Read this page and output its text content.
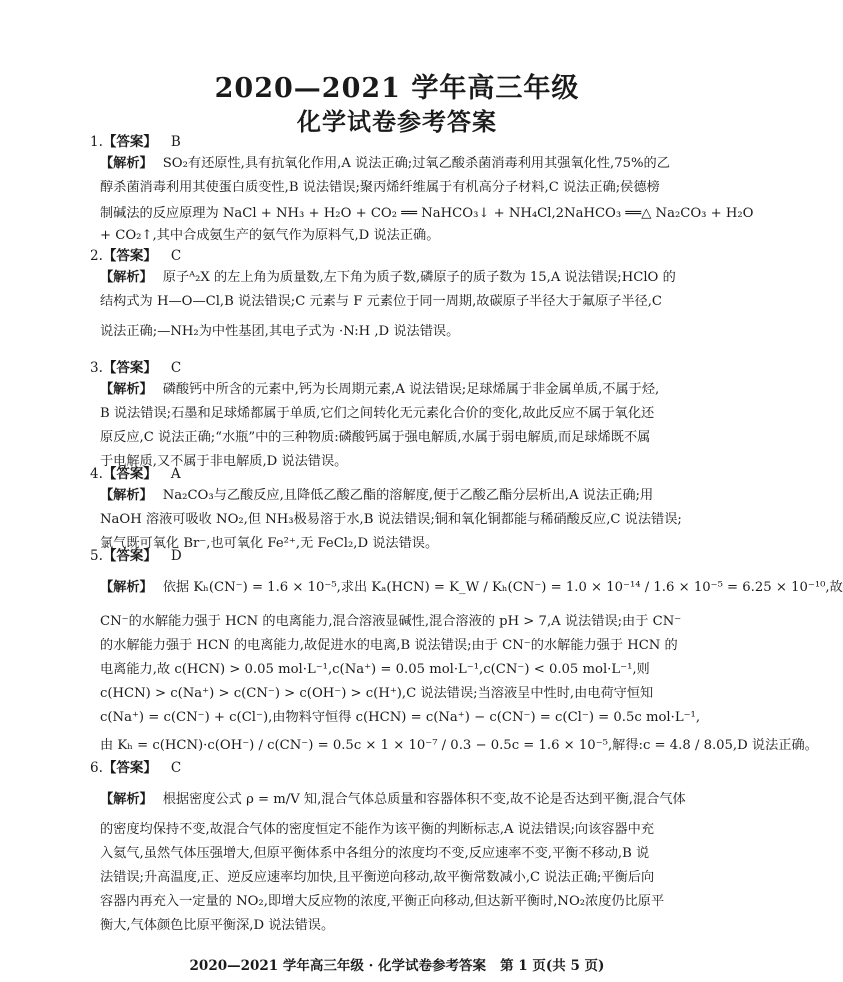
2020—2021 学年高三年级
化学试卷参考答案
1.【答案】 B
【解析】 SO₂有还原性,具有抗氧化作用,A 说法正确;过氧乙酸杀菌消毒利用其强氧化性,75%的乙
醇杀菌消毒利用其使蛋白质变性,B 说法错误;聚丙烯纤维属于有机高分子材料,C 说法正确;侯德榜
制碱法的反应原理为 NaCl + NH₃ + H₂O + CO₂ ══ NaHCO₃↓ + NH₄Cl,2NaHCO₃ ══△ Na₂CO₃ + H₂O
+ CO₂↑,其中合成氨生产的氨气作为原料气,D 说法正确。
2.【答案】 C
【解析】 原子ᴬ₂X 的左上角为质量数,左下角为质子数,磷原子的质子数为 15,A 说法错误;HClO 的
结构式为 H—O—Cl,B 说法错误;C 元素与 F 元素位于同一周期,故碳原子半径大于氟原子半径,C
说法正确;—NH₂为中性基团,其电子式为 ·N:H ,D 说法错误。
3.【答案】 C
【解析】 磷酸钙中所含的元素中,钙为长周期元素,A 说法错误;足球烯属于非金属单质,不属于烃,
B 说法错误;石墨和足球烯都属于单质,它们之间转化无元素化合价的变化,故此反应不属于氧化还
原反应,C 说法正确;“水瓶”中的三种物质:磷酸钙属于强电解质,水属于弱电解质,而足球烯既不属
于电解质,又不属于非电解质,D 说法错误。
4.【答案】 A
【解析】 Na₂CO₃与乙酸反应,且降低乙酸乙酯的溶解度,便于乙酸乙酯分层析出,A 说法正确;用
NaOH 溶液可吸收 NO₂,但 NH₃极易溶于水,B 说法错误;铜和氧化铜都能与稀硝酸反应,C 说法错误;
氯气既可氧化 Br⁻,也可氧化 Fe²⁺,无 FeCl₂,D 说法错误。
5.【答案】 D
【解析】 依据 Kₕ(CN⁻) = 1.6 × 10⁻⁵,求出 Kₐ(HCN) = K_W / Kₕ(CN⁻) = 1.0 × 10⁻¹⁴ / 1.6 × 10⁻⁵ = 6.25 × 10⁻¹⁰,故
CN⁻的水解能力强于 HCN 的电离能力,混合溶液显碱性,混合溶液的 pH > 7,A 说法错误;由于 CN⁻
的水解能力强于 HCN 的电离能力,故促进水的电离,B 说法错误;由于 CN⁻的水解能力强于 HCN 的
电离能力,故 c(HCN) > 0.05 mol·L⁻¹,c(Na⁺) = 0.05 mol·L⁻¹,c(CN⁻) < 0.05 mol·L⁻¹,则
c(HCN) > c(Na⁺) > c(CN⁻) > c(OH⁻) > c(H⁺),C 说法错误;当溶液呈中性时,由电荷守恒知
c(Na⁺) = c(CN⁻) + c(Cl⁻),由物料守恒得 c(HCN) = c(Na⁺) − c(CN⁻) = c(Cl⁻) = 0.5c mol·L⁻¹,
由 Kₕ = c(HCN)·c(OH⁻) / c(CN⁻) = 0.5c × 1 × 10⁻⁷ / 0.3 − 0.5c = 1.6 × 10⁻⁵,解得:c = 4.8 / 8.05,D 说法正确。
6.【答案】 C
【解析】 根据密度公式 ρ = m/V 知,混合气体总质量和容器体积不变,故不论是否达到平衡,混合气体
的密度均保持不变,故混合气体的密度恒定不能作为该平衡的判断标志,A 说法错误;向该容器中充
入氦气,虽然气体压强增大,但原平衡体系中各组分的浓度均不变,反应速率不变,平衡不移动,B 说
法错误;升高温度,正、逆反应速率均加快,且平衡逆向移动,故平衡常数减小,C 说法正确;平衡后向
容器内再充入一定量的 NO₂,即增大反应物的浓度,平衡正向移动,但达新平衡时,NO₂浓度仍比原平
衡大,气体颜色比原平衡深,D 说法错误。
2020—2021 学年高三年级 · 化学试卷参考答案   第 1 页(共 5 页)
